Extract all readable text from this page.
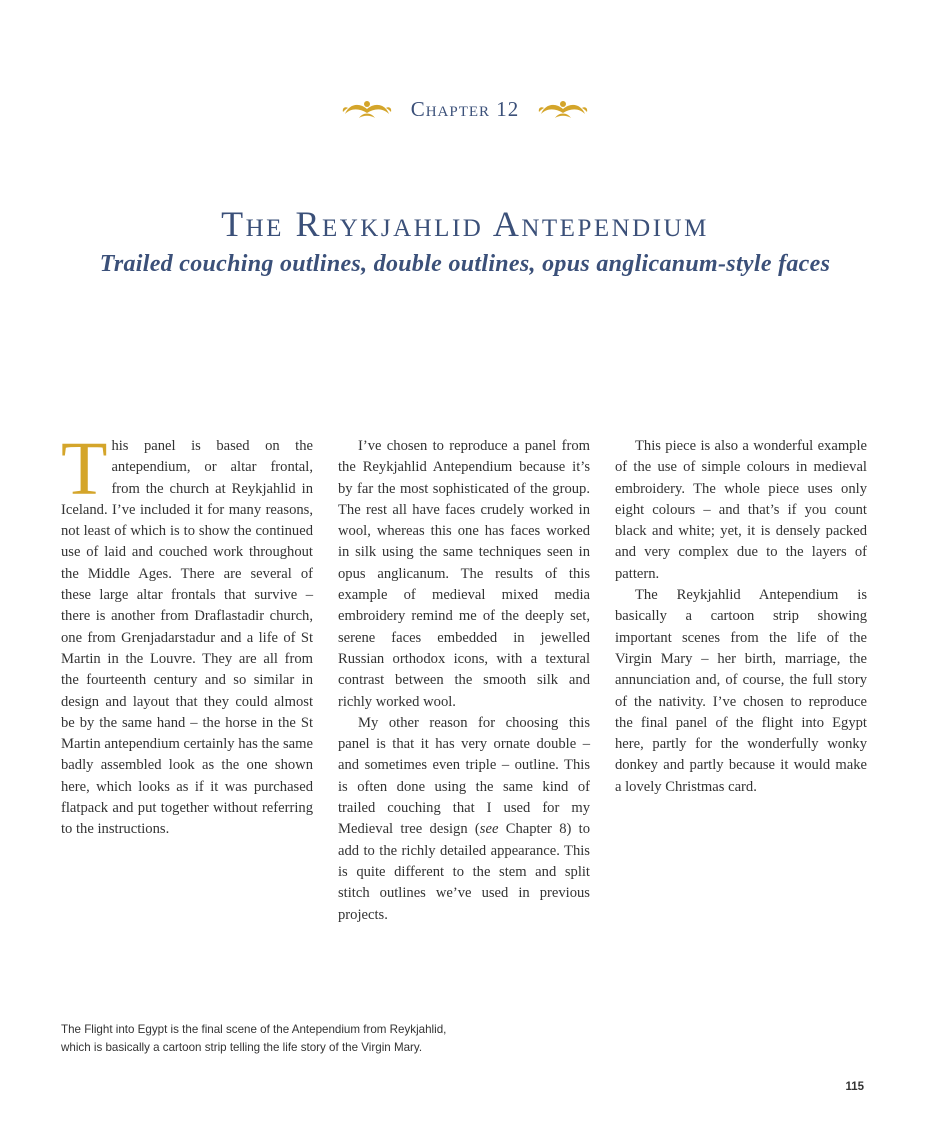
Chapter 12
The Reykjahlid Antependium
Trailed couching outlines, double outlines, opus anglicanum-style faces

This panel is based on the antependium, or altar frontal, from the church at Reykjahlid in Iceland. I’ve included it for many reasons, not least of which is to show the continued use of laid and couched work throughout the Middle Ages. There are several of these large altar frontals that survive – there is another from Draflastadir church, one from Grenjadarstadur and a life of St Martin in the Louvre. They are all from the fourteenth century and so similar in design and layout that they could almost be by the same hand – the horse in the St Martin antependium certainly has the same badly assembled look as the one shown here, which looks as if it was purchased flatpack and put together without referring to the instructions.

I’ve chosen to reproduce a panel from the Reykjahlid Antependium because it’s by far the most sophisticated of the group. The rest all have faces crudely worked in wool, whereas this one has faces worked in silk using the same techniques seen in opus anglicanum. The results of this example of medieval mixed media embroidery remind me of the deeply set, serene faces embedded in jewelled Russian orthodox icons, with a textural contrast between the smooth silk and richly worked wool.

My other reason for choosing this panel is that it has very ornate double – and sometimes even triple – outline. This is often done using the same kind of trailed couching that I used for my Medieval tree design (see Chapter 8) to add to the richly detailed appearance. This is quite different to the stem and split stitch outlines we’ve used in previous projects.

This piece is also a wonderful example of the use of simple colours in medieval embroidery. The whole piece uses only eight colours – and that’s if you count black and white; yet, it is densely packed and very complex due to the layers of pattern.

The Reykjahlid Antependium is basically a cartoon strip showing important scenes from the life of the Virgin Mary – her birth, marriage, the annunciation and, of course, the full story of the nativity. I’ve chosen to reproduce the final panel of the flight into Egypt here, partly for the wonderfully wonky donkey and partly because it would make a lovely Christmas card.

The Flight into Egypt is the final scene of the Antependium from Reykjahlid,
which is basically a cartoon strip telling the life story of the Virgin Mary.
115
